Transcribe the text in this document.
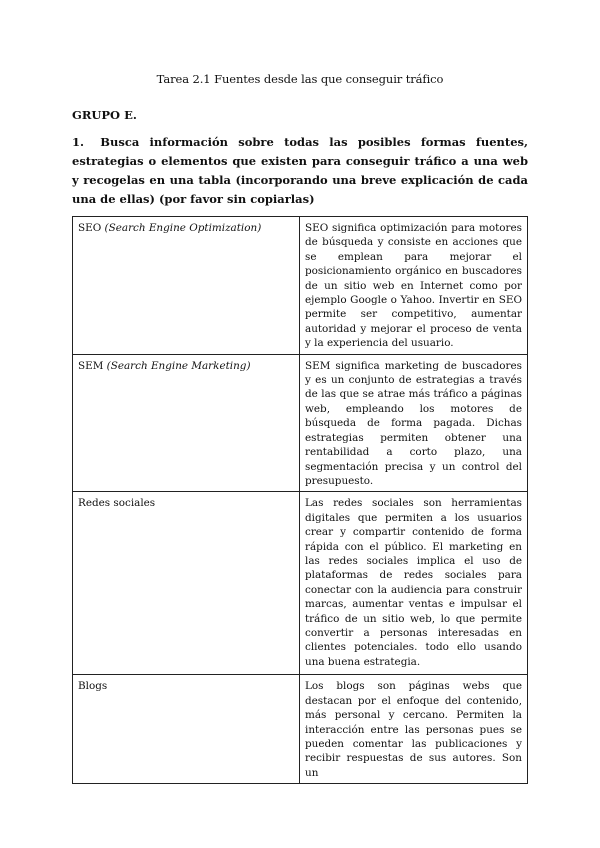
Tarea 2.1 Fuentes desde las que conseguir tráfico
GRUPO E.
1. Busca información sobre todas las posibles formas fuentes, estrategias o elementos que existen para conseguir tráfico a una web y recogelas en una tabla (incorporando una breve explicación de cada una de ellas) (por favor sin copiarlas)
SEO (Search Engine Optimization)	SEO significa optimización para motores de búsqueda y consiste en acciones que se emplean para mejorar el posicionamiento orgánico en buscadores de un sitio web en Internet como por ejemplo Google o Yahoo. Invertir en SEO permite ser competitivo, aumentar autoridad y mejorar el proceso de venta y la experiencia del usuario.
SEM (Search Engine Marketing)	SEM significa marketing de buscadores y es un conjunto de estrategias a través de las que se atrae más tráfico a páginas web, empleando los motores de búsqueda de forma pagada. Dichas estrategias permiten obtener una rentabilidad a corto plazo, una segmentación precisa y un control del presupuesto.
Redes sociales	Las redes sociales son herramientas digitales que permiten a los usuarios crear y compartir contenido de forma rápida con el público. El marketing en las redes sociales implica el uso de plataformas de redes sociales para conectar con la audiencia para construir marcas, aumentar ventas e impulsar el tráfico de un sitio web, lo que permite convertir a personas interesadas en clientes potenciales. todo ello usando una buena estrategia.
Blogs	Los blogs son páginas webs que destacan por el enfoque del contenido, más personal y cercano. Permiten la interacción entre las personas pues se pueden comentar las publicaciones y recibir respuestas de sus autores. Son un
